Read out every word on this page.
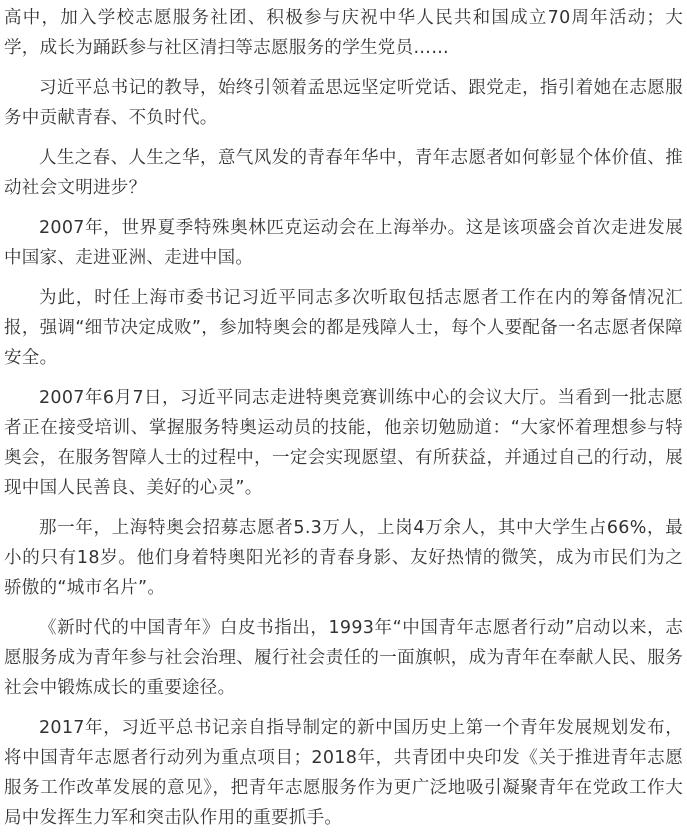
高中，加入学校志愿服务社团、积极参与庆祝中华人民共和国成立70周年活动；大学，成长为踊跃参与社区清扫等志愿服务的学生党员……

习近平总书记的教导，始终引领着孟思远坚定听党话、跟党走，指引着她在志愿服务中贡献青春、不负时代。

人生之春、人生之华，意气风发的青春年华中，青年志愿者如何彰显个体价值、推动社会文明进步？

2007年，世界夏季特殊奥林匹克运动会在上海举办。这是该项盛会首次走进发展中国家、走进亚洲、走进中国。

为此，时任上海市委书记习近平同志多次听取包括志愿者工作在内的筹备情况汇报，强调“细节决定成败”，参加特奥会的都是残障人士，每个人要配备一名志愿者保障安全。

2007年6月7日，习近平同志走进特奥竞赛训练中心的会议大厅。当看到一批志愿者正在接受培训、掌握服务特奥运动员的技能，他亲切勉励道：“大家怀着理想参与特奥会，在服务智障人士的过程中，一定会实现愿望、有所获益，并通过自己的行动，展现中国人民善良、美好的心灵”。

那一年，上海特奥会招募志愿者5.3万人，上岗4万余人，其中大学生占66%，最小的只有18岁。他们身着特奥阳光衫的青春身影、友好热情的微笑，成为市民们为之骄傲的“城市名片”。

《新时代的中国青年》白皮书指出，1993年“中国青年志愿者行动”启动以来，志愿服务成为青年参与社会治理、履行社会责任的一面旗帜，成为青年在奉献人民、服务社会中锻炼成长的重要途径。

2017年，习近平总书记亲自指导制定的新中国历史上第一个青年发展规划发布，将中国青年志愿者行动列为重点项目；2018年，共青团中央印发《关于推进青年志愿服务工作改革发展的意见》，把青年志愿服务作为更广泛地吸引凝聚青年在党政工作大局中发挥生力军和突击队作用的重要抓手。
